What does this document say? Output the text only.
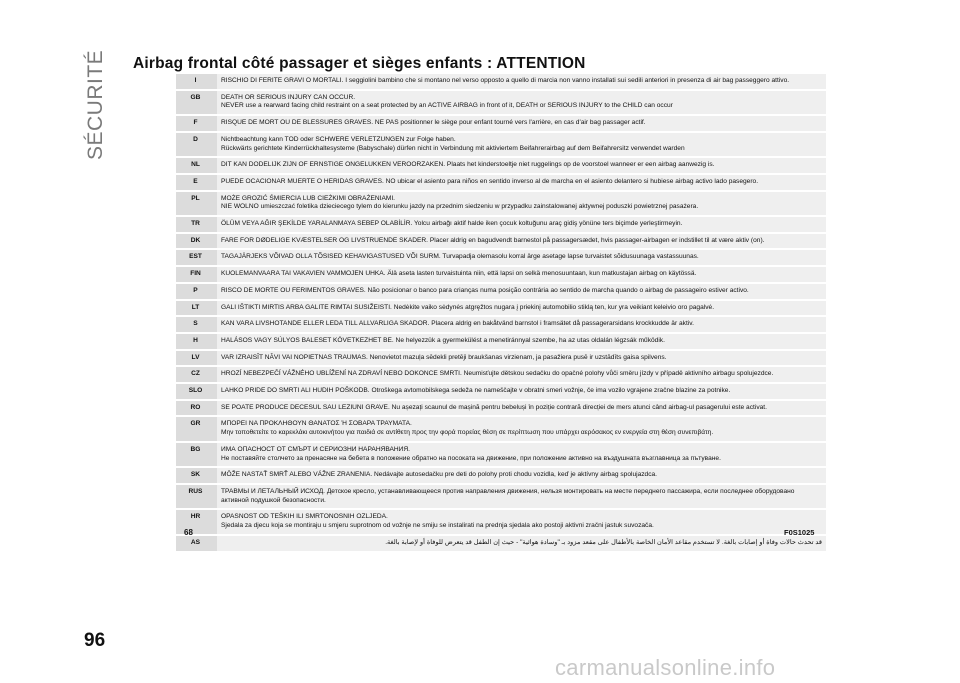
SÉCURITÉ Airbag frontal côté passager et sièges enfants : ATTENTION
I	RISCHIO DI FERITE GRAVI O MORTALI. I seggiolini bambino che si montano nel verso opposto a quello di marcia non vanno installati sui sedili anteriori in presenza di air bag passeggero attivo.
GB	DEATH OR SERIOUS INJURY CAN OCCUR.
NEVER use a rearward facing child restraint on a seat protected by an ACTIVE AIRBAG in front of it, DEATH or SERIOUS INJURY to the CHILD can occur
F	RISQUE DE MORT OU DE BLESSURES GRAVES. NE PAS positionner le siège pour enfant tourné vers l'arrière, en cas d'air bag passager actif.
D	Nichtbeachtung kann TOD oder SCHWERE VERLETZUNGEN zur Folge haben.
Rückwärts gerichtete Kinderrückhaltesysteme (Babyschale) dürfen nicht in Verbindung mit aktiviertem Beifahrerairbag auf dem Beifahrersitz verwendet warden
NL	DIT KAN DODELIJK ZIJN OF ERNSTIGE ONGELUKKEN VEROORZAKEN. Plaats het kinderstoeltje niet ruggelings op de voorstoel wanneer er een airbag aanwezig is.
E	PUEDE OCACIONAR MUERTE O HERIDAS GRAVES. NO ubicar el asiento para niños en sentido inverso al de marcha en el asiento delantero si hubiese airbag activo lado pasegero.
PL	MOŻE GROZIĆ ŚMIERCIA LUB CIEŻKIMI OBRAŻENIAMI.
NIE WOLNO umieszczać foletika dzieciecego tylem do kierunku jazdy na przednim siedzeniu w przypadku zainstalowanej aktywnej poduszki powietrznej pasażera.
TR	ÖLÜM VEYA AĞIR ŞEKİLDE YARALANMAYA SEBEP OLABİLİR. Yolcu airbağı aktif halde iken çocuk koltuğunu araç gidiş yönüne ters biçimde yerleştirmeyin.
DK	FARE FOR DØDELIGE KVÆSTELSER OG LIVSTRUENDE SKADER. Placer aldrig en bagudvendt barnestol på passagersædet, hvis passager-airbagen er indstillet til at være aktiv (on).
EST	TAGAJÄRJEKS VÕIVAD OLLA TÕSISED KEHAVIGASTUSED VÕI SURM. Turvapadja olemasolu korral ärge asetage lapse turvaistet sõidusuunaga vastassuunas.
FIN	KUOLEMANVAARA TAI VAKAVIEN VAMMOJEN UHKA. Älä aseta lasten turvaistuinta niin, että lapsi on selkä menosuuntaan, kun matkustajan airbag on käytössä.
P	RISCO DE MORTE OU FERIMENTOS GRAVES. Não posicionar o banco para crianças numa posição contrária ao sentido de marcha quando o airbag de passageiro estiver activo.
LT	GALI IŠTIKTI MIRTIS ARBA GALITE RIMTAI SUSIŽEISTI. Nedėkite vaiko sėdynės atgręžtos nugara į priekinį automobilio stiklą ten, kur yra veikiant keleivio oro pagalvė.
S	KAN VARA LIVSHOTANDE ELLER LEDA TILL ALLVARLIGA SKADOR. Placera aldrig en bakåtvänd barnstol i framsätet då passagerarsidans krockkudde är aktiv.
H	HALÁSOS VAGY SÚLYOS BALESET KÖVETKEZHET BE. Ne helyezzük a gyermekülést a menetiránnyal szembe, ha az utas oldalán légzsák működik.
LV	VAR IZRAISĪT NĀVI VAI NOPIETNAS TRAUMAS. Nenovietot mazuļa sēdekli pretēji braukšanas virzienam, ja pasažiera pusē ir uzstādīts gaisa spilvens.
CZ	HROZÍ NEBEZPEČÍ VÁŽNÉHO UBLÍŽENÍ NA ZDRAVÍ NEBO DOKONCE SMRTI. Neumisťujte dětskou sedačku do opačné polohy vůči směru jízdy v případě aktivního airbagu spolujezdce.
SLO	LAHKO PRIDE DO SMRTI ALI HUDIH POŠKODB. Otroškega avtomobilskega sedeža ne nameščajte v obratni smeri vožnje, če ima vozilo vgrajene zračne blazine za potnike.
RO	SE POATE PRODUCE DECESUL SAU LEZIUNI GRAVE. Nu așezați scaunul de mașină pentru bebeluși în poziție contrară direcției de mers atunci când airbag-ul pasagerului este activat.
GR	ΜΠΟΡΕΙ ΝΑ ΠΡΟΚΛΗΘΟΥΝ ΘΑΝΑΤΟΣ Ή ΣΟΒΑΡΑ ΤΡΑΥΜΑΤΑ.
Μην τοποθετείτε το καρεκλάκι αυτοκινήτου για παιδιά σε αντίθετη προς την φορά πορείας θέση σε περίπτωση που υπάρχει αερόσακος εν ενεργεία στη θέση συνεπιβάτη.
BG	ИМА ОПАСНОСТ ОТ СМЪРТ И СЕРИОЗНИ НАРАНЯВАНИЯ.
Не поставяйте столчето за пренасяне на бебета в положение обратно на посоката на движение, при положение активно на въздушната възглавница за пътуване.
SK	MÔŽE NASTAŤ SMRŤ ALEBO VÁŽNE ZRANENIA. Nedávajte autosedačku pre deti do polohy proti chodu vozidla, keď je aktívny airbag spolujazdca.
RUS	ТРАВМЫ И ЛЕТАЛЬНЫЙ ИСХОД. Детское кресло, устанавливающееся против направления движения, нельзя монтировать на месте переднего пассажира, если последнее оборудовано активной подушкой безопасности.
HR	OPASNOST OD TEŠKIH ILI SMRTONOSNIH OZLJEDA.
Sjedala za djecu koja se montiraju u smjeru suprotnom od vožnje ne smiju se instalirati na prednja sjedala ako postoji aktivni zračni jastuk suvozača.
AS	قد تحدث حالات وفاة أو إصابات بالغة. لا تستخدم مقاعد الأمان الخاصة بالأطفال على مقعد مزود بـ "وسادة هوائية" - حيث إن الطفل قد يتعرض للوفاة أو لإصابة بالغة.
68	F0S1025
96
carmanualsonline.info
